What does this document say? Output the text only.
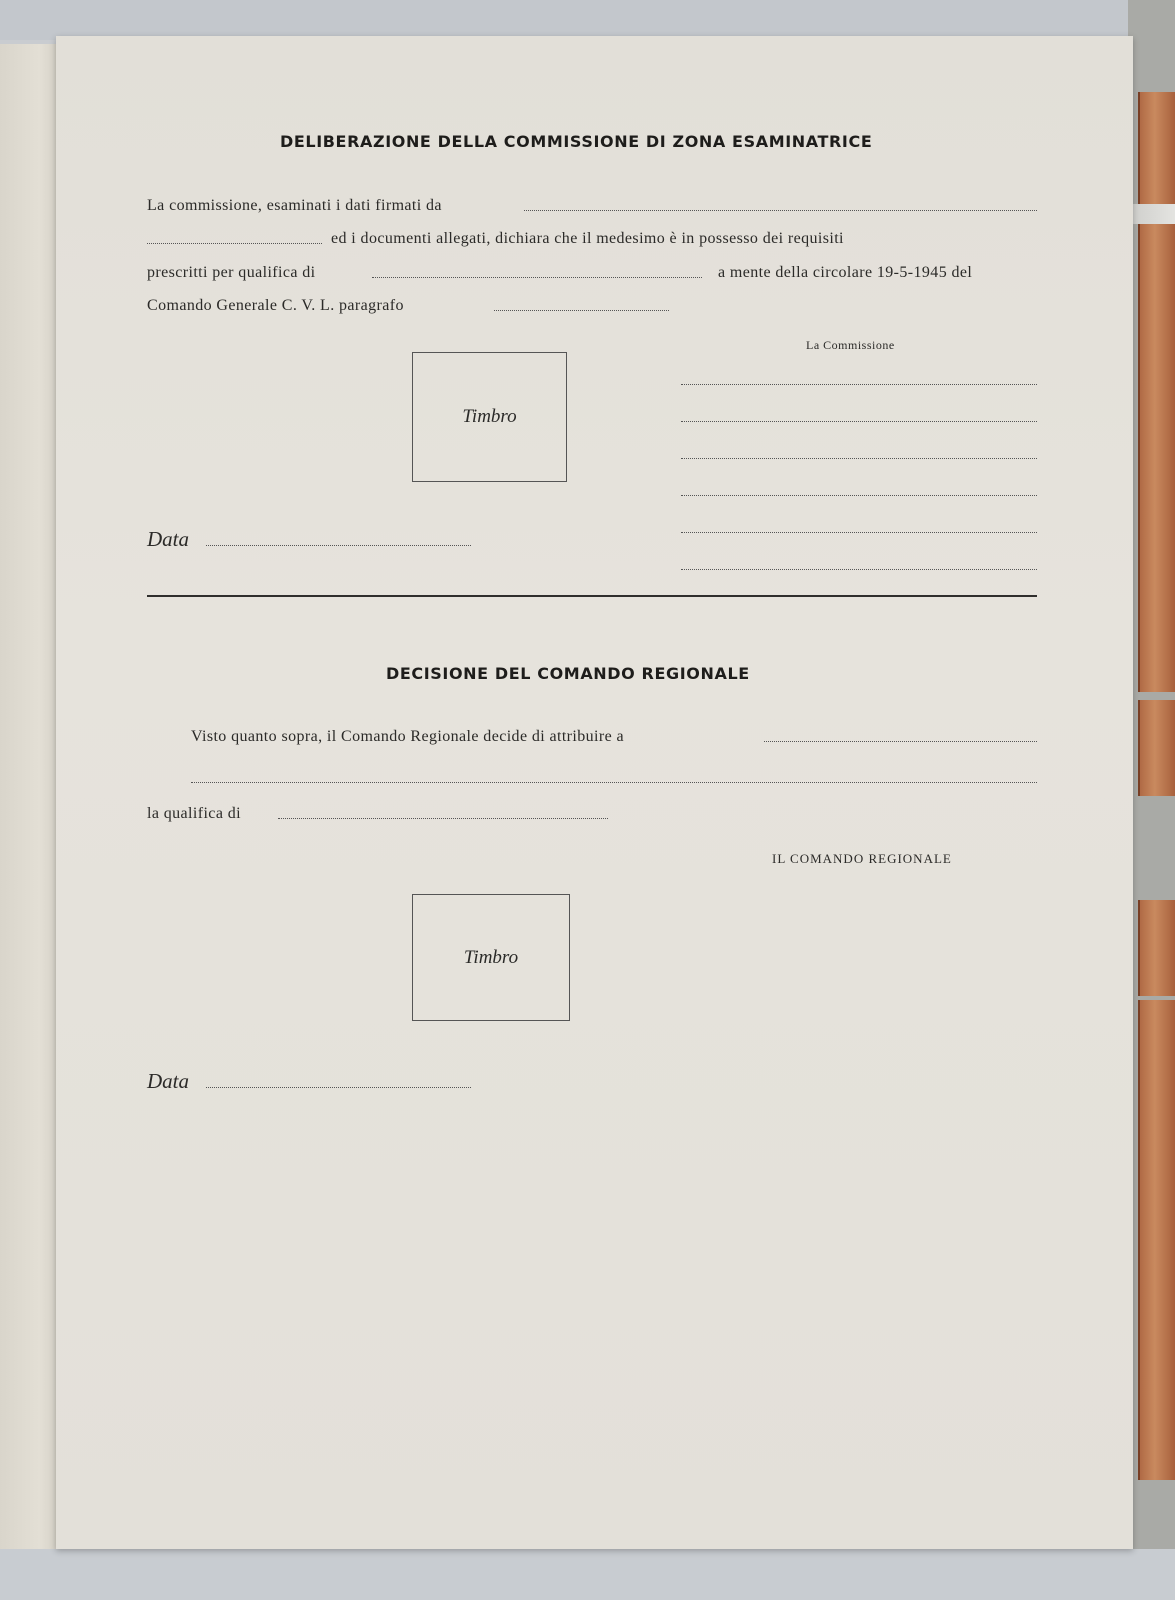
DELIBERAZIONE DELLA COMMISSIONE DI ZONA ESAMINATRICE
La commissione, esaminati i dati firmati da
ed i documenti allegati, dichiara che il medesimo è in possesso dei requisiti
prescritti per qualifica di	a mente della circolare 19-5-1945 del
Comando Generale C. V. L. paragrafo
La Commissione
Timbro
Data
DECISIONE DEL COMANDO REGIONALE
Visto quanto sopra, il Comando Regionale decide di attribuire a
la qualifica di
IL COMANDO REGIONALE
Timbro
Data
